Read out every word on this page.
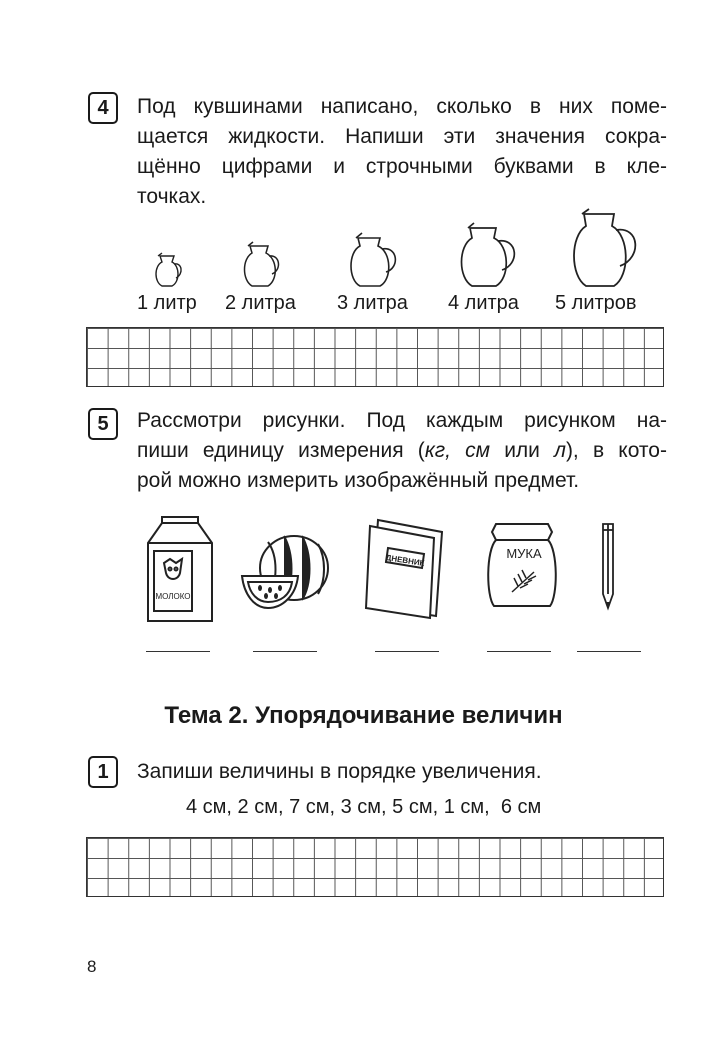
4	Под кувшинами написано, сколько в них поме-
щается жидкости. Напиши эти значения сокра-
щённо цифрами и строчными буквами в кле-
точках.
1 литр 2 литра 3 литра 4 литра 5 литров
5	Рассмотри рисунки. Под каждым рисунком на-
пиши единицу измерения (кг, см или л), в кото-
рой можно измерить изображённый предмет.
МОЛОКО
ДНЕВНИК	МУКА
Тема 2. Упорядочивание величин
1	Запиши величины в порядке увеличения.
4 см, 2 см, 7 см, 3 см, 5 см, 1 см,  6 см
8
